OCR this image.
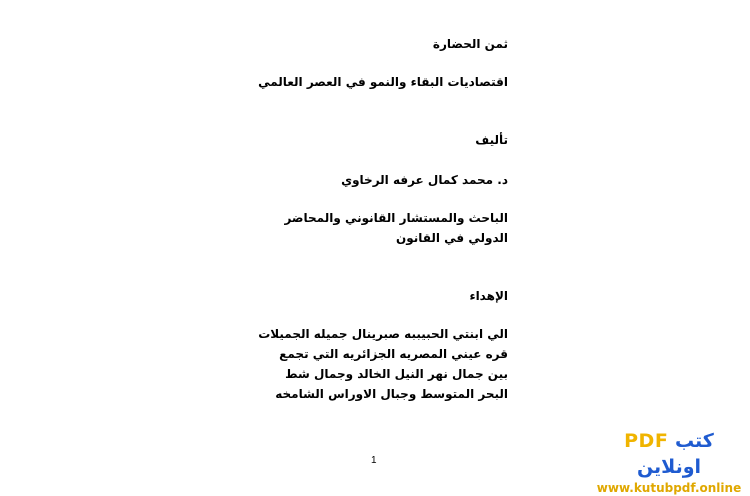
ثمن الحضارة
اقتصاديات البقاء والنمو في العصر العالمي
تأليف
د. محمد كمال عرفه الرخاوي

الباحث والمستشار القانوني والمحاضر الدولي في القانون

الإهداء

الي ابنتي الحبيببه صبرينال جميله الجميلات قره عيني المصريه الجزائريه التي تجمع بين جمال نهر النيل الخالد وجمال شط البحر المتوسط وجبال الاوراس الشامخه

1
كتب PDF اونلاين
www.kutubpdf.online
